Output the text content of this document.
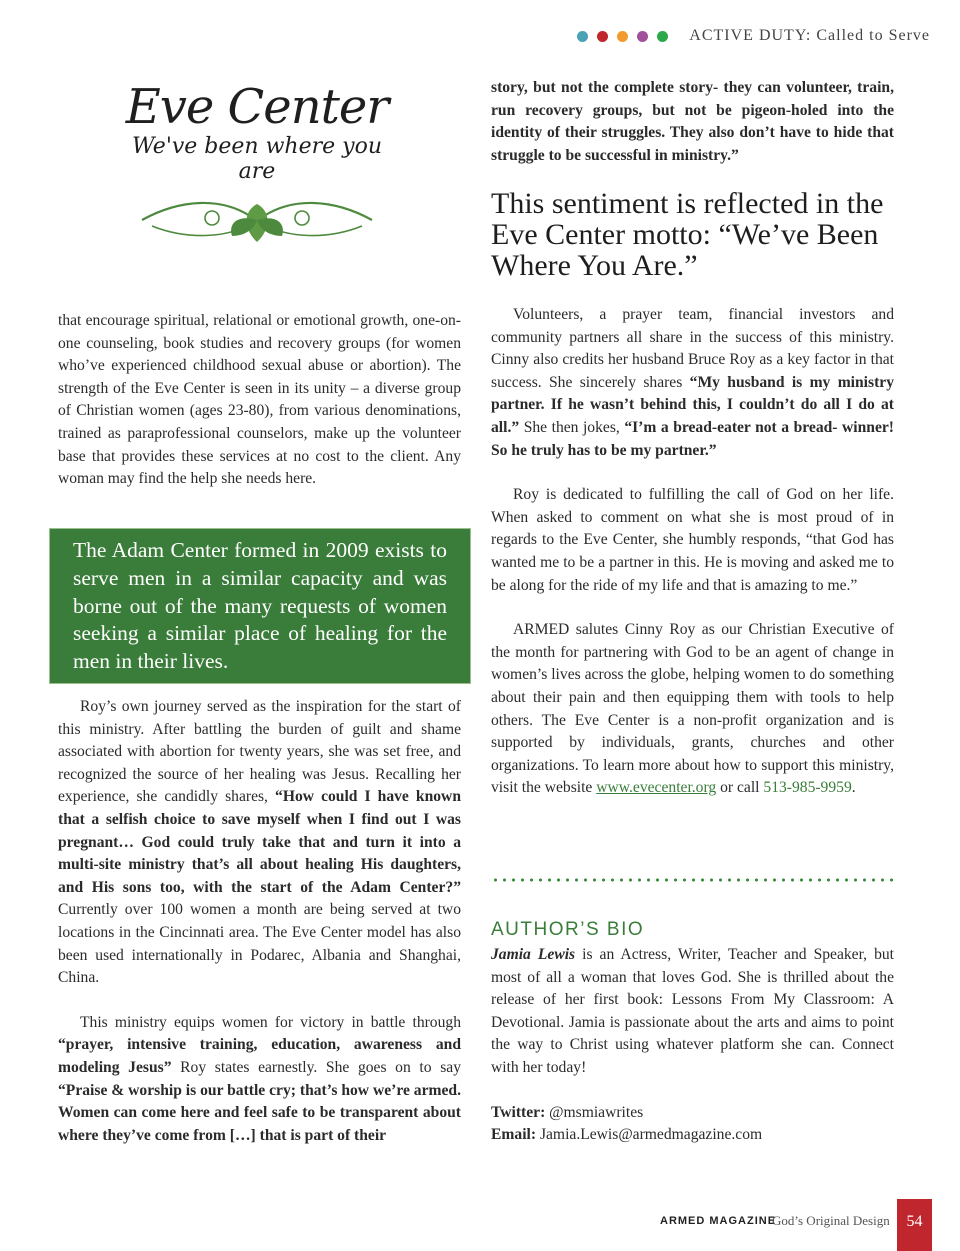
ACTIVE DUTY: Called to Serve
Eve Center
We've been where you are

that encourage spiritual, relational or emotional growth, one-on-one counseling, book studies and recovery groups (for women who’ve experienced childhood sexual abuse or abortion). The strength of the Eve Center is seen in its unity – a diverse group of Christian women (ages 23-80), from various denominations, trained as paraprofessional counselors, make up the volunteer base that provides these services at no cost to the client. Any woman may find the help she needs here.

The Adam Center formed in 2009 exists to serve men in a similar capacity and was borne out of the many requests of women seeking a similar place of healing for the men in their lives.

Roy’s own journey served as the inspiration for the start of this ministry. After battling the burden of guilt and shame associated with abortion for twenty years, she was set free, and recognized the source of her healing was Jesus. Recalling her experience, she candidly shares, “How could I have known that a selfish choice to save myself when I find out I was pregnant… God could truly take that and turn it into a multi-site ministry that’s all about healing His daughters, and His sons too, with the start of the Adam Center?” Currently over 100 women a month are being served at two locations in the Cincinnati area. The Eve Center model has also been used internationally in Podarec, Albania and Shanghai, China.

This ministry equips women for victory in battle through “prayer, intensive training, education, awareness and modeling Jesus” Roy states earnestly. She goes on to say “Praise & worship is our battle cry; that’s how we’re armed. Women can come here and feel safe to be transparent about where they’ve come from […] that is part of their

story, but not the complete story- they can volunteer, train, run recovery groups, but not be pigeon-holed into the identity of their struggles. They also don’t have to hide that struggle to be successful in ministry.”

This sentiment is reflected in the Eve Center motto: “We’ve Been Where You Are.”

Volunteers, a prayer team, financial investors and community partners all share in the success of this ministry. Cinny also credits her husband Bruce Roy as a key factor in that success. She sincerely shares “My husband is my ministry partner. If he wasn’t behind this, I couldn’t do all I do at all.” She then jokes, “I’m a bread-eater not a bread- winner! So he truly has to be my partner.”

Roy is dedicated to fulfilling the call of God on her life. When asked to comment on what she is most proud of in regards to the Eve Center, she humbly responds, “that God has wanted me to be a partner in this. He is moving and asked me to be along for the ride of my life and that is amazing to me.”

ARMED salutes Cinny Roy as our Christian Executive of the month for partnering with God to be an agent of change in women’s lives across the globe, helping women to do something about their pain and then equipping them with tools to help others. The Eve Center is a non-profit organization and is supported by individuals, grants, churches and other organizations. To learn more about how to support this ministry, visit the website www.evecenter.org or call 513-985-9959.

AUTHOR’S BIO

Jamia Lewis is an Actress, Writer, Teacher and Speaker, but most of all a woman that loves God. She is thrilled about the release of her first book: Lessons From My Classroom: A Devotional. Jamia is passionate about the arts and aims to point the way to Christ using whatever platform she can. Connect with her today!

Twitter: @msmiawrites

Email: Jamia.Lewis@armedmagazine.com

ARMED MAGAZINE
God’s Original Design	54
